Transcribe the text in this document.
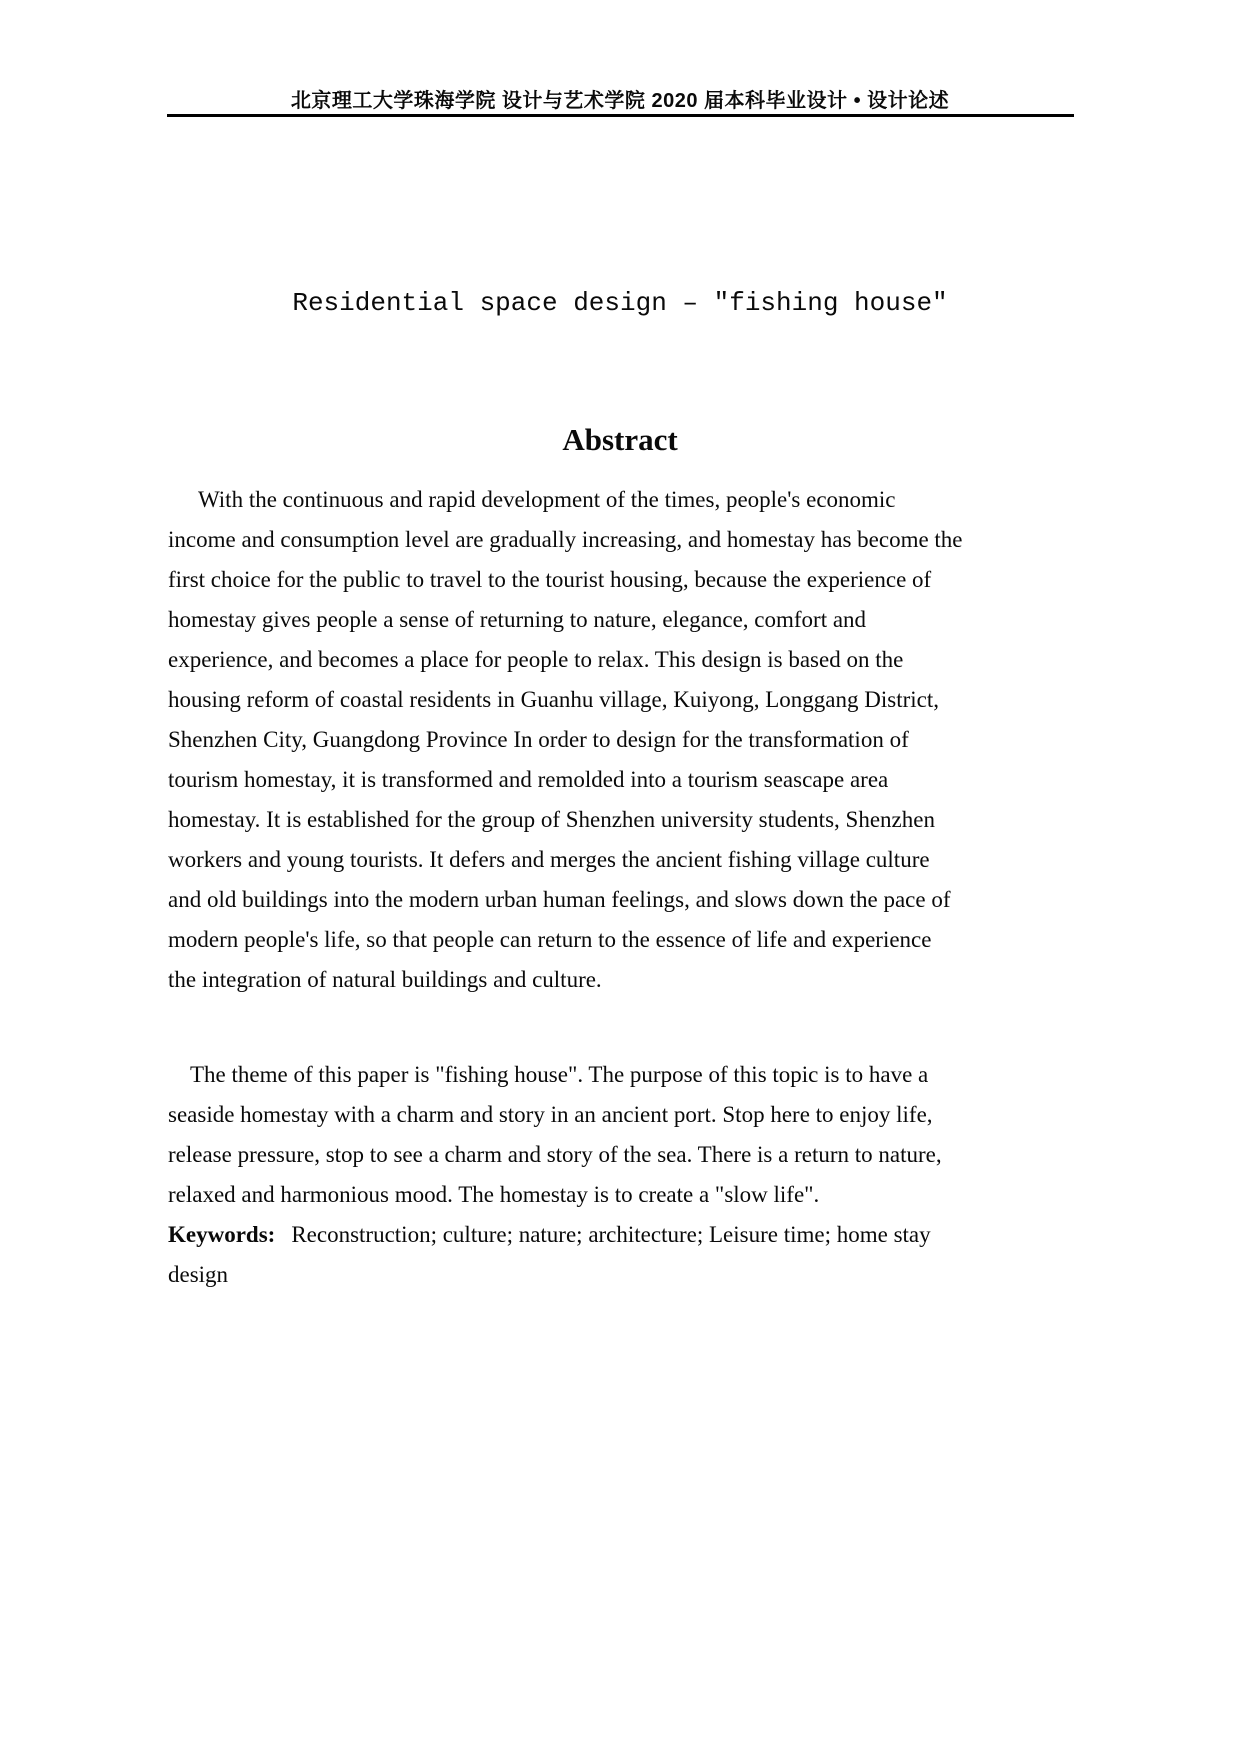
北京理工大学珠海学院 设计与艺术学院 2020 届本科毕业设计 • 设计论述
Residential space design – ″fishing house″
Abstract
With the continuous and rapid development of the times, people's economic
income and consumption level are gradually increasing, and homestay has become the
first choice for the public to travel to the tourist housing, because the experience of
homestay gives people a sense of returning to nature, elegance, comfort and
experience, and becomes a place for people to relax. This design is based on the
housing reform of coastal residents in Guanhu village, Kuiyong, Longgang District,
Shenzhen City, Guangdong Province In order to design for the transformation of
tourism homestay, it is transformed and remolded into a tourism seascape area
homestay. It is established for the group of Shenzhen university students, Shenzhen
workers and young tourists. It defers and merges the ancient fishing village culture
and old buildings into the modern urban human feelings, and slows down the pace of
modern people's life, so that people can return to the essence of life and experience
the integration of natural buildings and culture.
The theme of this paper is "fishing house". The purpose of this topic is to have a
seaside homestay with a charm and story in an ancient port. Stop here to enjoy life,
release pressure, stop to see a charm and story of the sea. There is a return to nature,
relaxed and harmonious mood. The homestay is to create a "slow life".
Keywords: Reconstruction; culture; nature; architecture; Leisure time; home stay
design
